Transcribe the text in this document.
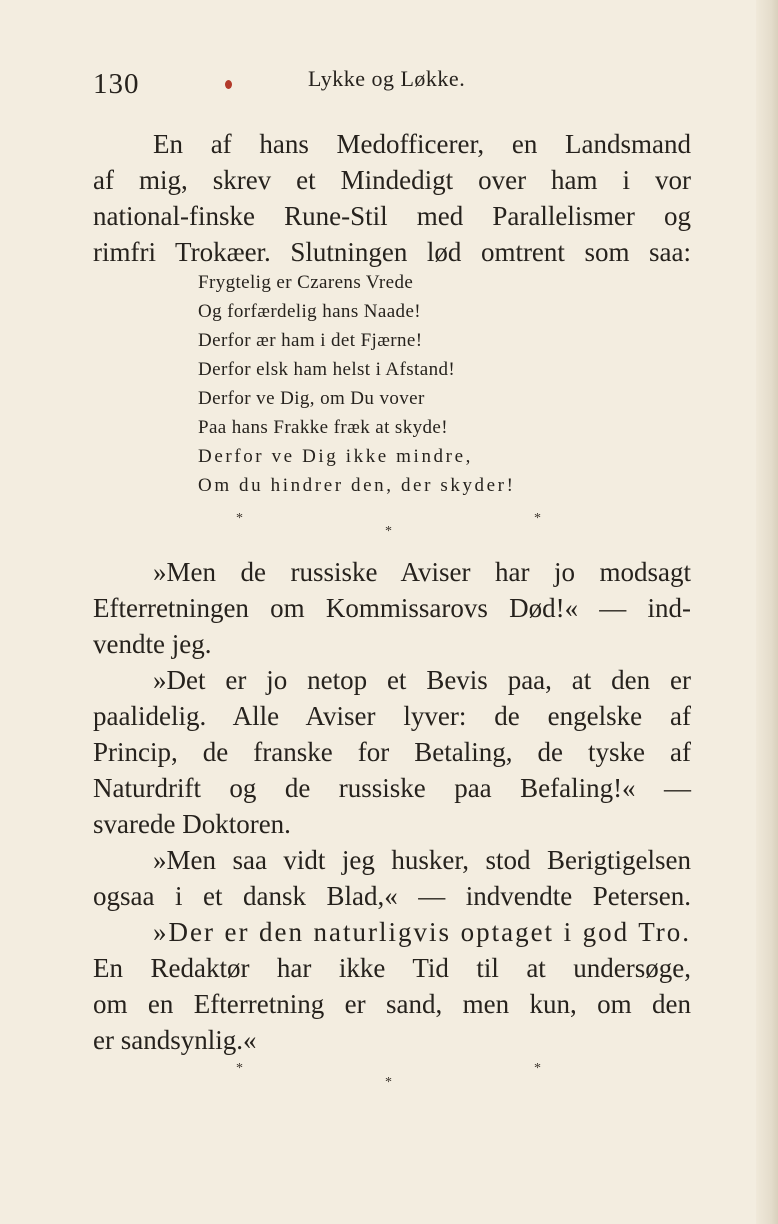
130	Lykke og Løkke.
En af hans Medofficerer, en Landsmand
af mig, skrev et Mindedigt over ham i vor
national-finske Rune-Stil med Parallelismer og
rimfri Trokæer. Slutningen lød omtrent som saa:
Frygtelig er Czarens Vrede
Og forfærdelig hans Naade!
Derfor ær ham i det Fjærne!
Derfor elsk ham helst i Afstand!
Derfor ve Dig, om Du vover
Paa hans Frakke fræk at skyde!
Derfor ve Dig ikke mindre,
Om du hindrer den, der skyder!
*	*
*
»Men de russiske Aviser har jo modsagt
Efterretningen om Kommissarovs Død!« — ind-
vendte jeg.
»Det er jo netop et Bevis paa, at den er
paalidelig. Alle Aviser lyver: de engelske af
Princip, de franske for Betaling, de tyske af
Naturdrift og de russiske paa Befaling!« —
svarede Doktoren.
»Men saa vidt jeg husker, stod Berigtigelsen
ogsaa i et dansk Blad,« — indvendte Petersen.
»Der er den naturligvis optaget i god Tro.
En Redaktør har ikke Tid til at undersøge,
om en Efterretning er sand, men kun, om den
er sandsynlig.«
*	*
*
